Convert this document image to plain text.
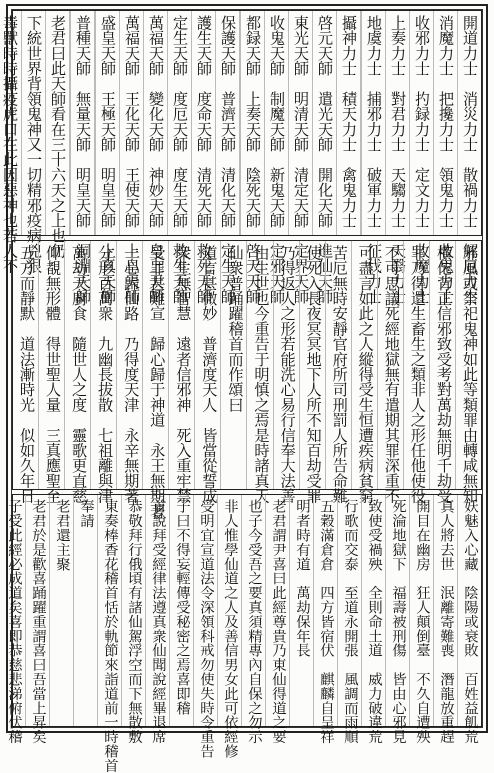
開道力士　消災力士　散禍力士　解厄力士
消魔力士　把攙力士　領鬼力士　收鬼力士
收邪力士　扚録力士　定文力士　收魔力士
上奏力士　對君力士　天騶力士　天翳力士
地虞力士　捕邪力士　破軍力士　征伐力士
攝神力士　積天力士　禽鬼力士
啓元天師　遣光天師　開化天師　進仙天師
東光天師　明清天師　清定天師　定界天師
收鬼天師　制魔天師　新鬼天師　定邪天師
都録天師　上奏天師　陰死天師　啓天天師
保護天師　普濟天師　清化天師　定生天師
護生天師　度命天師　清死天師　救死天師
定生天師　度厄天師　度生天師　救生天師
萬福天師　變化天師　神妙天師　皇上天師
萬福天師　王化天師　王使天師　上皇天師
盛皇天師　王極天師　明皇天師　上真天師
普種天師　無量天師　明皇天師　洞淵天師
老君曰此天師看在三十六天之上也仍
下統世界背領鬼神又一切精邪疫病兇狠
毒獸時時攝疫虎口在此因惡神也若人不
邪風或祭祀鬼神如此等類罪由轉咸無知
橫佗背正信邪致受考對萬劫無明千劫受
罪乃得還生畜生之類非人之形任他使役
不可思議死經地獄無有遣期其罪深重不
可盡言如此之人縱得受生恒遭疾病貧窮
苦厄無時安靜官府所司刑罰人所告命難
使死入長夜冥冥地下人所不知百劫受罪
乃得返人之形若能洗心易行信奉大法善
由生世也今重告于明慎之焉是時諸真天
仙衆普踊躍稽首而作頌曰
道言甚微妙　普濟度天人　皆當從誓成
衆生無智慧　遠者信邪神　死入重牢禁
受罪甚難宣　歸心歸于神道　永王無期著
一心歸仙路　乃得度天津　永辛無期著
分形百萬衆　九幽長拔散　七祖離與津
萬劫天廚食　隨世人之度　靈歌更直慈
仰覩無形體　得世聖人量　三真應聖至
五方而靜默　道法漸時光　似如久年日
妖魅入心藏　陰陽或衰敗　百姓益飢荒
真人將去世　泯離寄難喪　潛龍放重趕
開目在幽房　狂人顛倒臺　不久自遭殃
死淪地獄下　福壽被刑傷　皆由心邪見
致使受禍殃　全則命土道　威力破違荒
行歌而交泰　至道永開張　風調而雨順
五穀滿倉倉　四方皆宿伏　麒麟自呈祥
明者時有道　萬劫保年長
老君謂尹喜曰此經尊貴乃東仙得道之要
也子今受吾之要真須精專內自保之勿示
非人惟學仙道之人及善信男女此可依經修
受明宜宣道法令深領科戒勿使失時令重告
子曰不得妄輕傳受秘密之焉喜即稽
首說拜受經律法遵真衆仙聞說經畢退席
恭敬拜行俄頃有諸仙駕浮空而下無散敷
東奏棒香花稽首恬於軌節來詣道前一時稽首
奉請
老君還主聚
老君於是歡喜踊躍重謂喜曰吾當上昇矣
子受此經必成道矣喜即恭慈悲涕俯伏稽
